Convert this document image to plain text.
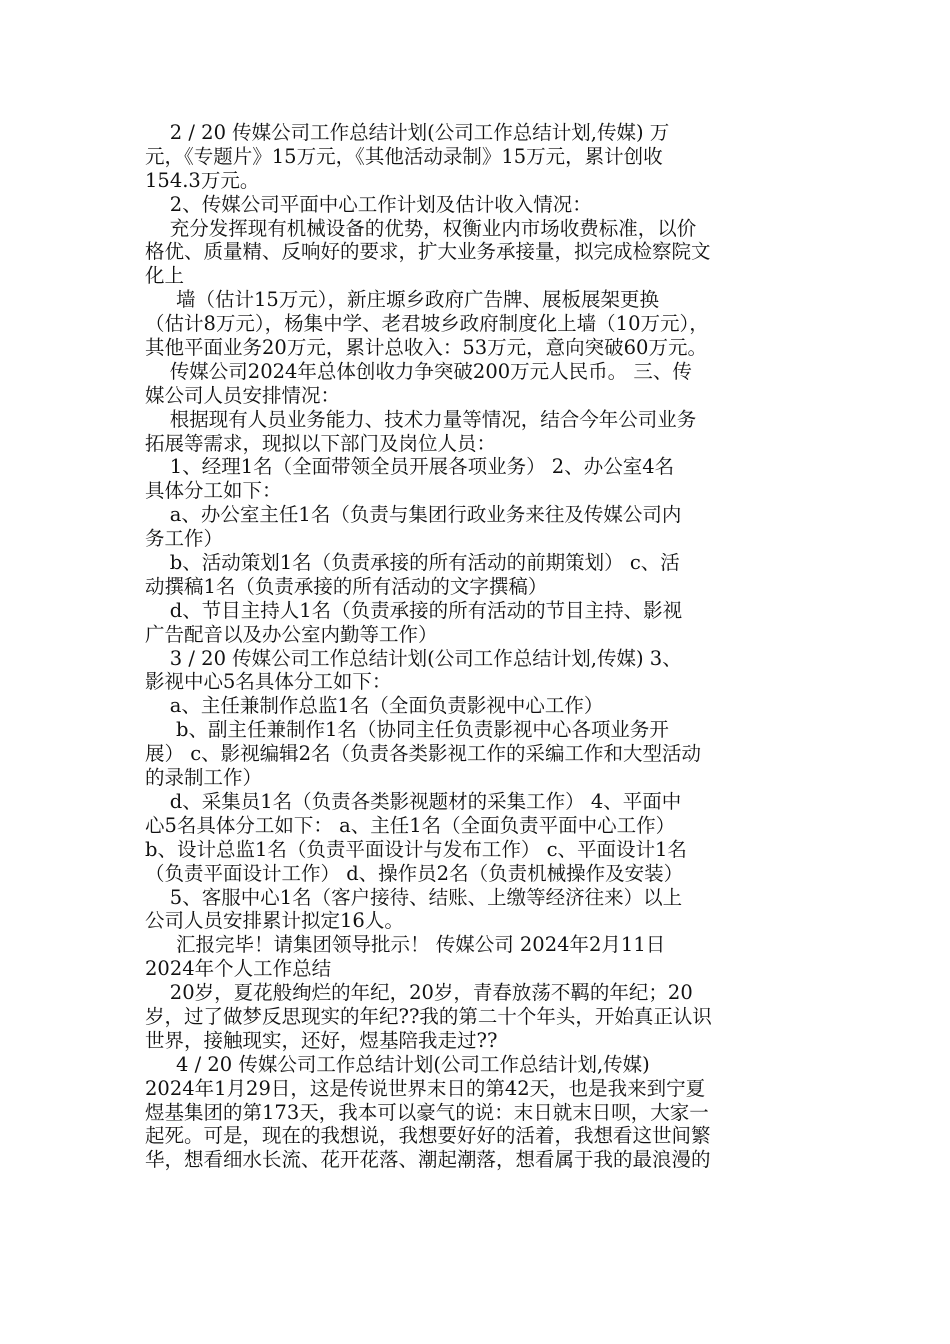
2 / 20 传媒公司工作总结计划(公司工作总结计划,传媒) 万
元，《专题片》15万元，《其他活动录制》15万元，累计创收
154.3万元。
2、传媒公司平面中心工作计划及估计收入情况：
充分发挥现有机械设备的优势，权衡业内市场收费标准，以价
格优、质量精、反响好的要求，扩大业务承接量，拟完成检察院文
化上
墙（估计15万元），新庄塬乡政府广告牌、展板展架更换
（估计8万元），杨集中学、老君坡乡政府制度化上墙（10万元），
其他平面业务20万元，累计总收入：53万元，意向突破60万元。
传媒公司2024年总体创收力争突破200万元人民币。 三、传
媒公司人员安排情况：
根据现有人员业务能力、技术力量等情况，结合今年公司业务
拓展等需求，现拟以下部门及岗位人员：
1、经理1名（全面带领全员开展各项业务） 2、办公室4名
具体分工如下：
a、办公室主任1名（负责与集团行政业务来往及传媒公司内
务工作）
b、活动策划1名（负责承接的所有活动的前期策划） c、活
动撰稿1名（负责承接的所有活动的文字撰稿）
d、节目主持人1名（负责承接的所有活动的节目主持、影视
广告配音以及办公室内勤等工作）
3 / 20 传媒公司工作总结计划(公司工作总结计划,传媒) 3、
影视中心5名具体分工如下：
a、主任兼制作总监1名（全面负责影视中心工作）
b、副主任兼制作1名（协同主任负责影视中心各项业务开
展） c、影视编辑2名（负责各类影视工作的采编工作和大型活动
的录制工作）
d、采集员1名（负责各类影视题材的采集工作） 4、平面中
心5名具体分工如下： a、主任1名（全面负责平面中心工作）
b、设计总监1名（负责平面设计与发布工作） c、平面设计1名
（负责平面设计工作） d、操作员2名（负责机械操作及安装）
5、客服中心1名（客户接待、结账、上缴等经济往来）以上
公司人员安排累计拟定16人。
汇报完毕！请集团领导批示！ 传媒公司 2024年2月11日
2024年个人工作总结
20岁，夏花般绚烂的年纪，20岁，青春放荡不羁的年纪；20
岁，过了做梦反思现实的年纪??我的第二十个年头，开始真正认识
世界，接触现实，还好，煜基陪我走过??
4 / 20 传媒公司工作总结计划(公司工作总结计划,传媒)
2024年1月29日，这是传说世界末日的第42天，也是我来到宁夏
煜基集团的第173天，我本可以豪气的说：末日就末日呗，大家一
起死。可是，现在的我想说，我想要好好的活着，我想看这世间繁
华，想看细水长流、花开花落、潮起潮落，想看属于我的最浪漫的
